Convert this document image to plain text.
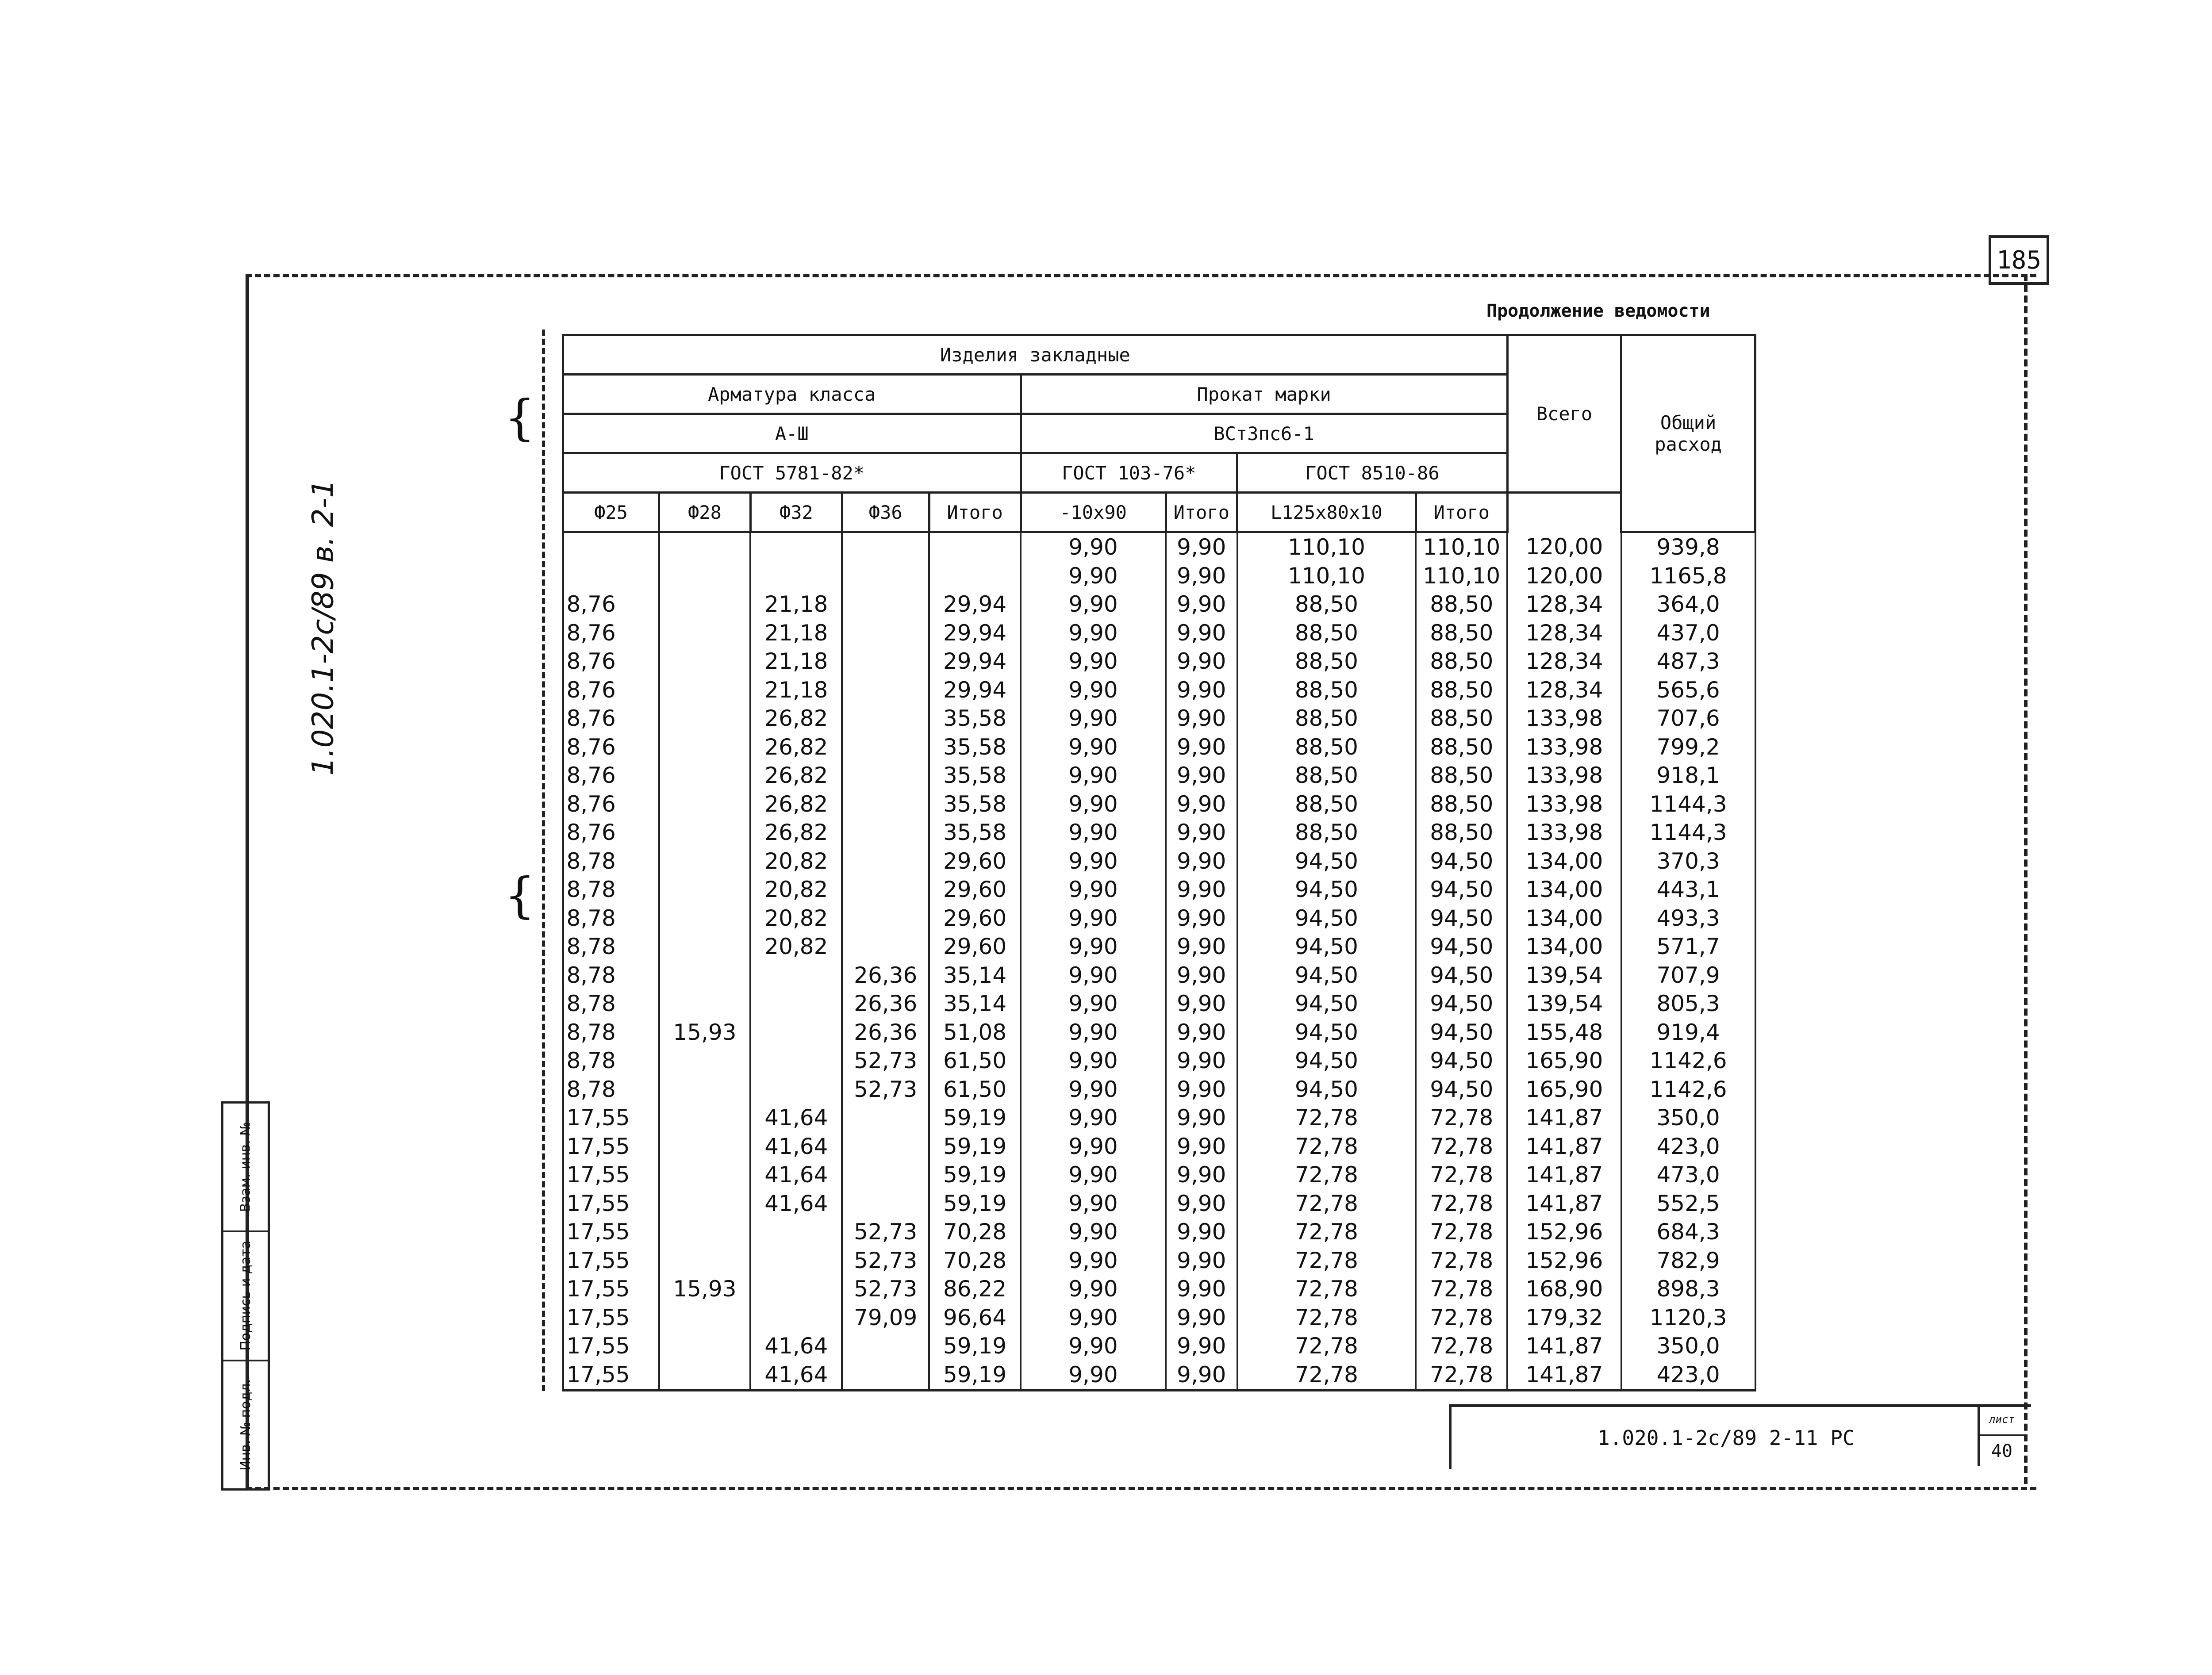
185
1.020.1-2с/89 в. 2-1
Взам. инв. №
Подпись и дата
Инв. № подл.
Продолжение ведомости
{
{
Изделия закладные									Всего	Общий расход
Арматура класса					Прокат марки					
А-Ш					ВСт3пс6-1					
ГОСТ 5781-82*					ГОСТ 103-76*		ГОСТ 8510-86			
Ф25	Ф28	Ф32	Ф36	Итого	-10x90	Итого	L125x80x10	Итого		
					9,90	9,90	110,10	110,10	120,00	939,8
					9,90	9,90	110,10	110,10	120,00	1165,8
8,76		21,18		29,94	9,90	9,90	88,50	88,50	128,34	364,0
8,76		21,18		29,94	9,90	9,90	88,50	88,50	128,34	437,0
8,76		21,18		29,94	9,90	9,90	88,50	88,50	128,34	487,3
8,76		21,18		29,94	9,90	9,90	88,50	88,50	128,34	565,6
8,76		26,82		35,58	9,90	9,90	88,50	88,50	133,98	707,6
8,76		26,82		35,58	9,90	9,90	88,50	88,50	133,98	799,2
8,76		26,82		35,58	9,90	9,90	88,50	88,50	133,98	918,1
8,76		26,82		35,58	9,90	9,90	88,50	88,50	133,98	1144,3
8,76		26,82		35,58	9,90	9,90	88,50	88,50	133,98	1144,3
8,78		20,82		29,60	9,90	9,90	94,50	94,50	134,00	370,3
8,78		20,82		29,60	9,90	9,90	94,50	94,50	134,00	443,1
8,78		20,82		29,60	9,90	9,90	94,50	94,50	134,00	493,3
8,78		20,82		29,60	9,90	9,90	94,50	94,50	134,00	571,7
8,78			26,36	35,14	9,90	9,90	94,50	94,50	139,54	707,9
8,78			26,36	35,14	9,90	9,90	94,50	94,50	139,54	805,3
8,78	15,93		26,36	51,08	9,90	9,90	94,50	94,50	155,48	919,4
8,78			52,73	61,50	9,90	9,90	94,50	94,50	165,90	1142,6
8,78			52,73	61,50	9,90	9,90	94,50	94,50	165,90	1142,6
17,55		41,64		59,19	9,90	9,90	72,78	72,78	141,87	350,0
17,55		41,64		59,19	9,90	9,90	72,78	72,78	141,87	423,0
17,55		41,64		59,19	9,90	9,90	72,78	72,78	141,87	473,0
17,55		41,64		59,19	9,90	9,90	72,78	72,78	141,87	552,5
17,55			52,73	70,28	9,90	9,90	72,78	72,78	152,96	684,3
17,55			52,73	70,28	9,90	9,90	72,78	72,78	152,96	782,9
17,55	15,93		52,73	86,22	9,90	9,90	72,78	72,78	168,90	898,3
17,55			79,09	96,64	9,90	9,90	72,78	72,78	179,32	1120,3
17,55		41,64		59,19	9,90	9,90	72,78	72,78	141,87	350,0
17,55		41,64		59,19	9,90	9,90	72,78	72,78	141,87	423,0
1.020.1-2с/89 2-11 РС
лист
40
